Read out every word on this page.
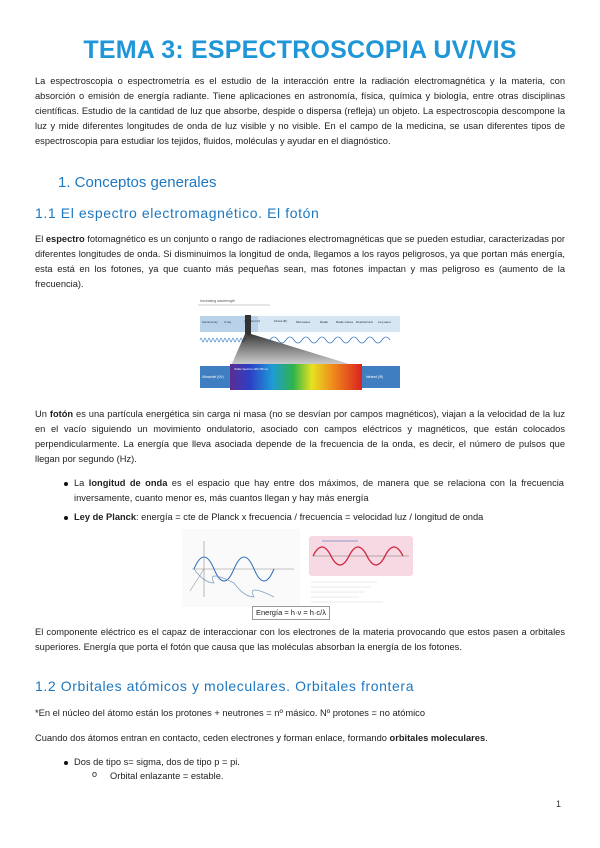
TEMA 3: ESPECTROSCOPIA UV/VIS

La espectroscopia o espectrometría es el estudio de la interacción entre la radiación electromagnética y la materia, con absorción o emisión de energía radiante. Tiene aplicaciones en astronomía, física, química y biología, entre otras disciplinas científicas. Estudio de la cantidad de luz que absorbe, despide o dispersa (refleja) un objeto. La espectroscopia descompone la luz y mide diferentes longitudes de onda de luz visible y no visible. En el campo de la medicina, se usan diferentes tipos de espectroscopia para estudiar los tejidos, fluidos, moléculas y ayudar en el diagnóstico.

1. Conceptos generales
1.1 El espectro electromagnético. El fotón

El espectro fotomagnético es un conjunto o rango de radiaciones electromagnéticas que se pueden estudiar, caracterizadas por diferentes longitudes de onda. Si disminuimos la longitud de onda, llegamos a los rayos peligrosos, ya que portan más energía, esta está en los fotones, ya que cuanto más pequeñas sean, mas fotones impactan y mas peligroso es (aumento de la frecuencia).

Increasing wavelength
Gamma ray X-ray	Ultraviolet (UV)	Infrared (IR)	Microwave	Radar	Radio waves Broadcast band Long waves
Ultraviolet (UV)	Infrared (IR)
Visible Spectrum 400-700 nm

Un fotón es una partícula energética sin carga ni masa (no se desvían por campos magnéticos), viajan a la velocidad de la luz en el vacío siguiendo un movimiento ondulatorio, asociado con campos eléctricos y magnéticos, que están colocados perpendicularmente. La energía que lleva asociada depende de la frecuencia de la onda, es decir, el número de pulsos que llegan por segundo (Hz).

La longitud de onda es el espacio que hay entre dos máximos, de manera que se relaciona con la frecuencia inversamente, cuanto menor es, más cuantos llegan y hay más energía

Ley de Planck: energía = cte de Planck x frecuencia / frecuencia = velocidad luz / longitud de onda

Energía = h·ν = h·c/λ

El componente eléctrico es el capaz de interaccionar con los electrones de la materia provocando que estos pasen a orbitales superiores. Energía que porta el fotón que causa que las moléculas absorban la energía de los fotones.

1.2 Orbitales atómicos y moleculares. Orbitales frontera

*En el núcleo del átomo están los protones + neutrones = nº másico. Nº protones = no atómico

Cuando dos átomos entran en contacto, ceden electrones y forman enlace, formando orbitales moleculares.

Dos de tipo s= sigma, dos de tipo p = pi.

o Orbital enlazante = estable.

1
